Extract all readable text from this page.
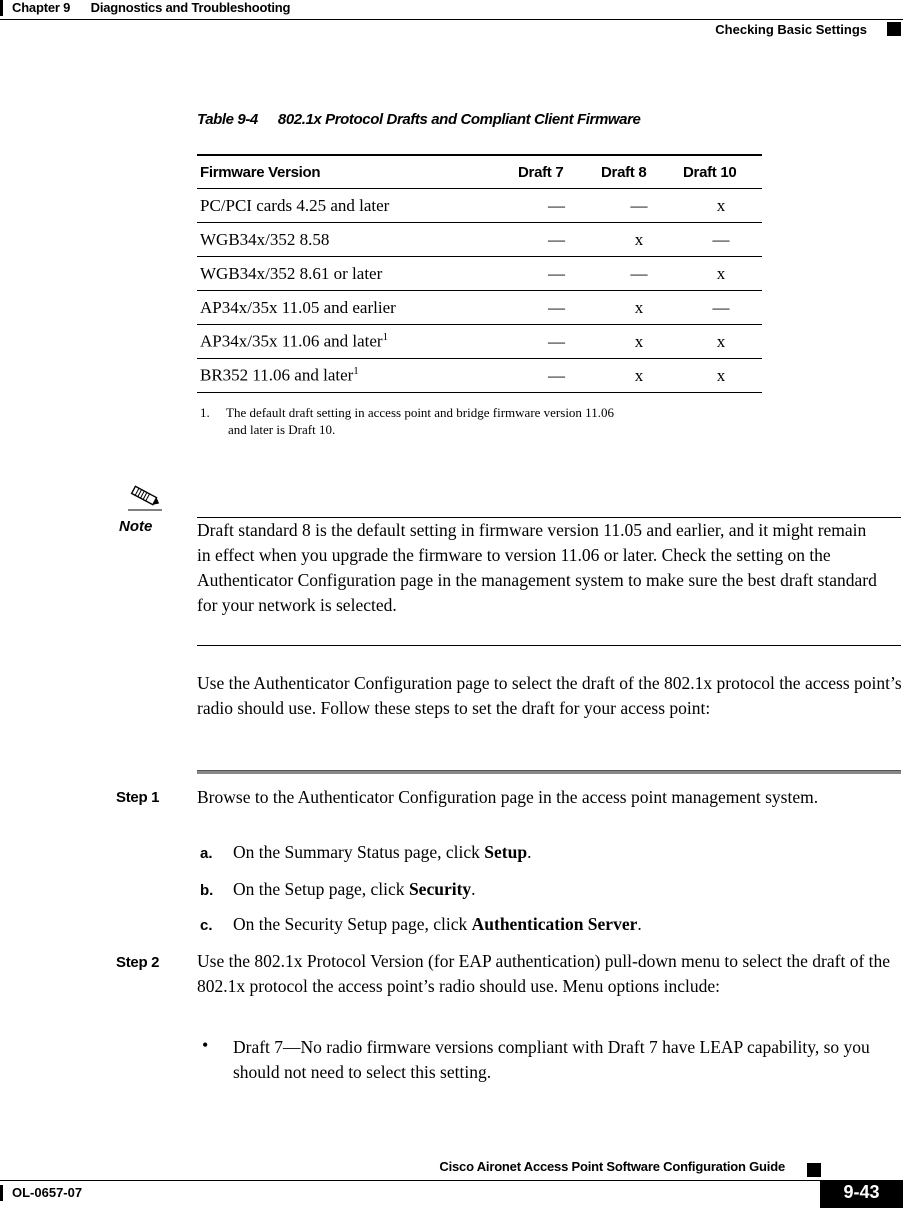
Chapter 9      Diagnostics and Troubleshooting
Checking Basic Settings
Table 9-4 802.1x Protocol Drafts and Compliant Client Firmware
Firmware Version	Draft 7	Draft 8	Draft 10
PC/PCI cards 4.25 and later	—	—	x
WGB34x/352 8.58	—	x	—
WGB34x/352 8.61 or later	—	—	x
AP34x/35x 11.05 and earlier	—	x	—
AP34x/35x 11.06 and later$^1$	—	x	x
BR352 11.06 and later$^1$	—	x	x
1. The default draft setting in access point and bridge firmware version 11.06
and later is Draft 10.
Note	Draft standard 8 is the default setting in firmware version 11.05 and earlier, and it might remain in effect when you upgrade the firmware to version 11.06 or later. Check the setting on the Authenticator Configuration page in the management system to make sure the best draft standard for your network is selected.
Use the Authenticator Configuration page to select the draft of the 802.1x protocol the access point’s radio should use. Follow these steps to set the draft for your access point:
Step 1 Browse to the Authenticator Configuration page in the access point management system.
a. On the Summary Status page, click Setup.
b. On the Setup page, click Security.
c. On the Security Setup page, click Authentication Server.
Step 2 Use the 802.1x Protocol Version (for EAP authentication) pull-down menu to select the draft of the 802.1x protocol the access point’s radio should use. Menu options include:
• Draft 7—No radio firmware versions compliant with Draft 7 have LEAP capability, so you should not need to select this setting.
Cisco Aironet Access Point Software Configuration Guide
OL-0657-07	9-43
